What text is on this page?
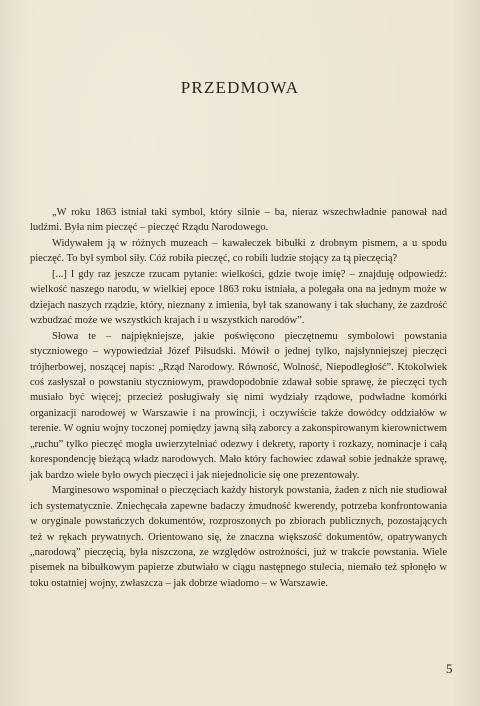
PRZEDMOWA

„W roku 1863 istniał taki symbol, który silnie – ba, nieraz wszechwładnie panował nad ludźmi. Była nim pieczęć – pieczęć Rządu Narodowego.

Widywałem ją w różnych muzeach – kawałeczek bibułki z drobnym pismem, a u spodu pieczęć. To był symbol siły. Cóż robiła pieczęć, co robili ludzie stojący za tą pieczęcią?

[...] I gdy raz jeszcze rzucam pytanie: wielkości, gdzie twoje imię? – znajduję odpowiedź: wielkość naszego narodu, w wielkiej epoce 1863 roku istniała, a polegała ona na jednym może w dziejach naszych rządzie, który, nieznany z imienia, był tak szanowany i tak słuchany, że zazdrość wzbudzać może we wszystkich krajach i u wszystkich narodów”.

Słowa te – najpiękniejsze, jakie poświęcono pieczętnemu symbolowi powstania styczniowego – wypowiedział Józef Piłsudski. Mówił o jednej tylko, najsłynniejszej pieczęci trójherbowej, noszącej napis: „Rząd Narodowy. Równość, Wolność, Niepodległość”. Ktokolwiek coś zasłyszał o powstaniu styczniowym, prawdopodobnie zdawał sobie sprawę, że pieczęci tych musiało być więcej; przecież posługiwały się nimi wydziały rządowe, podwładne komórki organizacji narodowej w Warszawie i na prowincji, i oczywiście także dowódcy oddziałów w terenie. W ogniu wojny toczonej pomiędzy jawną siłą zaborcy a zakonspirowanym kierownictwem „ruchu” tylko pieczęć mogła uwierzytelniać odezwy i dekrety, raporty i rozkazy, nominacje i całą korespondencję bieżącą władz narodowych. Mało który fachowiec zdawał sobie jednakże sprawę, jak bardzo wiele było owych pieczęci i jak niejednolicie się one prezentowały.

Marginesowo wspominał o pieczęciach każdy historyk powstania, żaden z nich nie studiował ich systematycznie. Zniechęcała zapewne badaczy żmudność kwerendy, potrzeba konfrontowania w oryginale powstańczych dokumentów, rozproszonych po zbiorach publicznych, pozostających też w rękach prywatnych. Orientowano się, że znaczna większość dokumentów, opatrywanych „narodową” pieczęcią, była niszczona, ze względów ostrożności, już w trakcie powstania. Wiele pisemek na bibułkowym papierze zbutwiało w ciągu następnego stulecia, niemało też spłonęło w toku ostatniej wojny, zwłaszcza – jak dobrze wiadomo – w Warszawie.

5
